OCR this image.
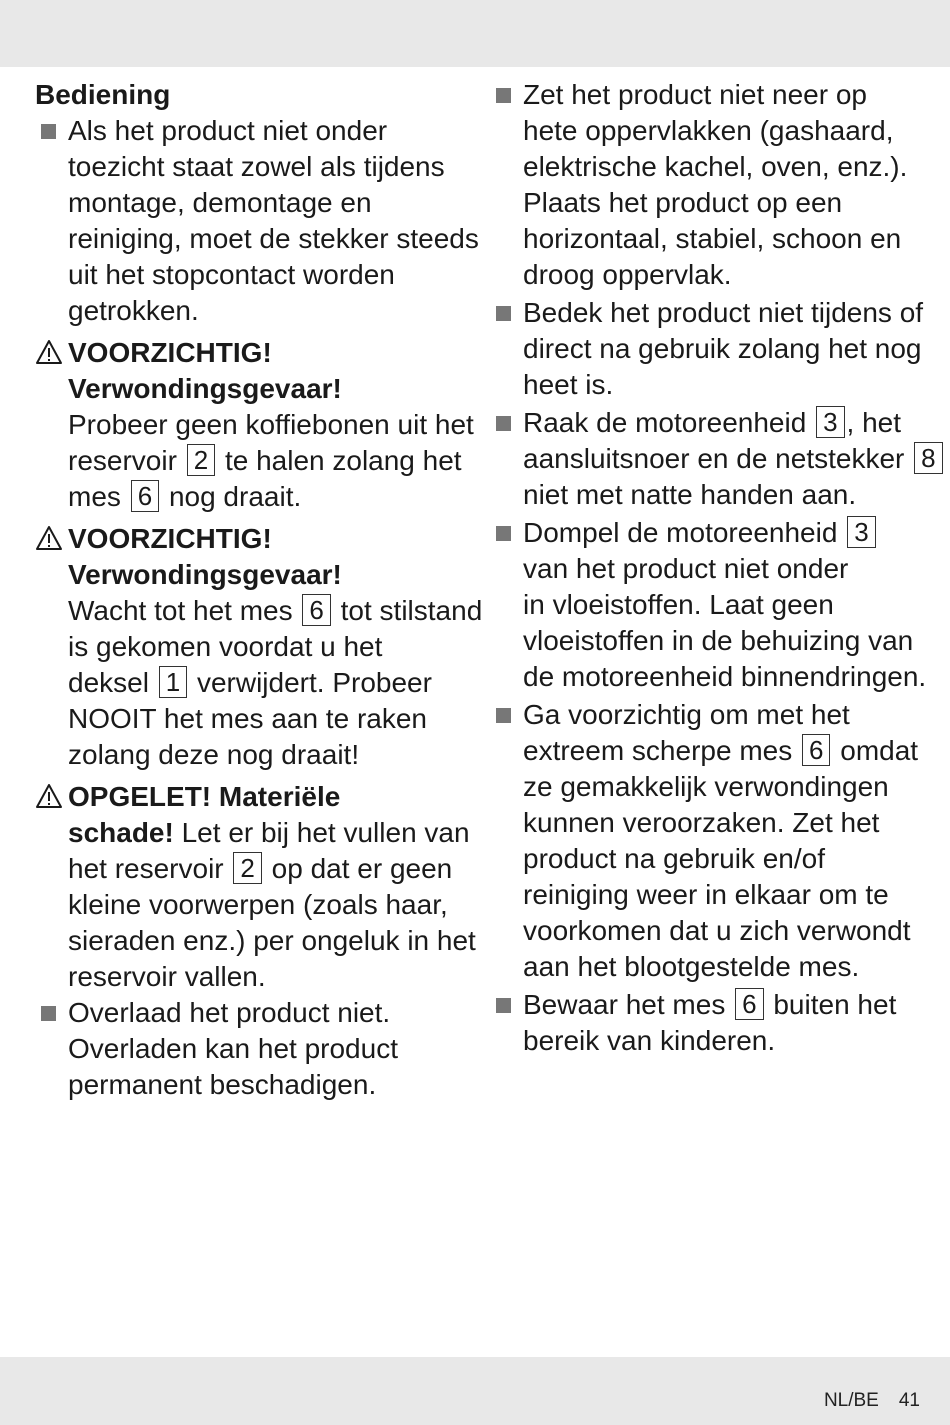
Bediening
Als het product niet onder
toezicht staat zowel als tijdens
montage, demontage en
reiniging, moet de stekker steeds
uit het stopcontact worden
getrokken.
VOORZICHTIG!
Verwondingsgevaar!
Probeer geen koffiebonen uit het
reservoir 2 te halen zolang het
mes 6 nog draait.
VOORZICHTIG!
Verwondingsgevaar!
Wacht tot het mes 6 tot stilstand
is gekomen voordat u het
deksel 1 verwijdert. Probeer
NOOIT het mes aan te raken
zolang deze nog draait!
OPGELET! Materiële
schade! Let er bij het vullen van
het reservoir 2 op dat er geen
kleine voorwerpen (zoals haar,
sieraden enz.) per ongeluk in het
reservoir vallen.
Overlaad het product niet.
Overladen kan het product
permanent beschadigen.
Zet het product niet neer op
hete oppervlakken (gashaard,
elektrische kachel, oven, enz.).
Plaats het product op een
horizontaal, stabiel, schoon en
droog oppervlak.
Bedek het product niet tijdens of
direct na gebruik zolang het nog
heet is.
Raak de motoreenheid 3 , het
aansluitsnoer en de netstekker 8
niet met natte handen aan.
Dompel de motoreenheid 3
van het product niet onder
in vloeistoffen. Laat geen
vloeistoffen in de behuizing van
de motoreenheid binnendringen.
Ga voorzichtig om met het
extreem scherpe mes 6 omdat
ze gemakkelijk verwondingen
kunnen veroorzaken. Zet het
product na gebruik en/of
reiniging weer in elkaar om te
voorkomen dat u zich verwondt
aan het blootgestelde mes.
Bewaar het mes 6 buiten het
bereik van kinderen.
NL/BE 41
